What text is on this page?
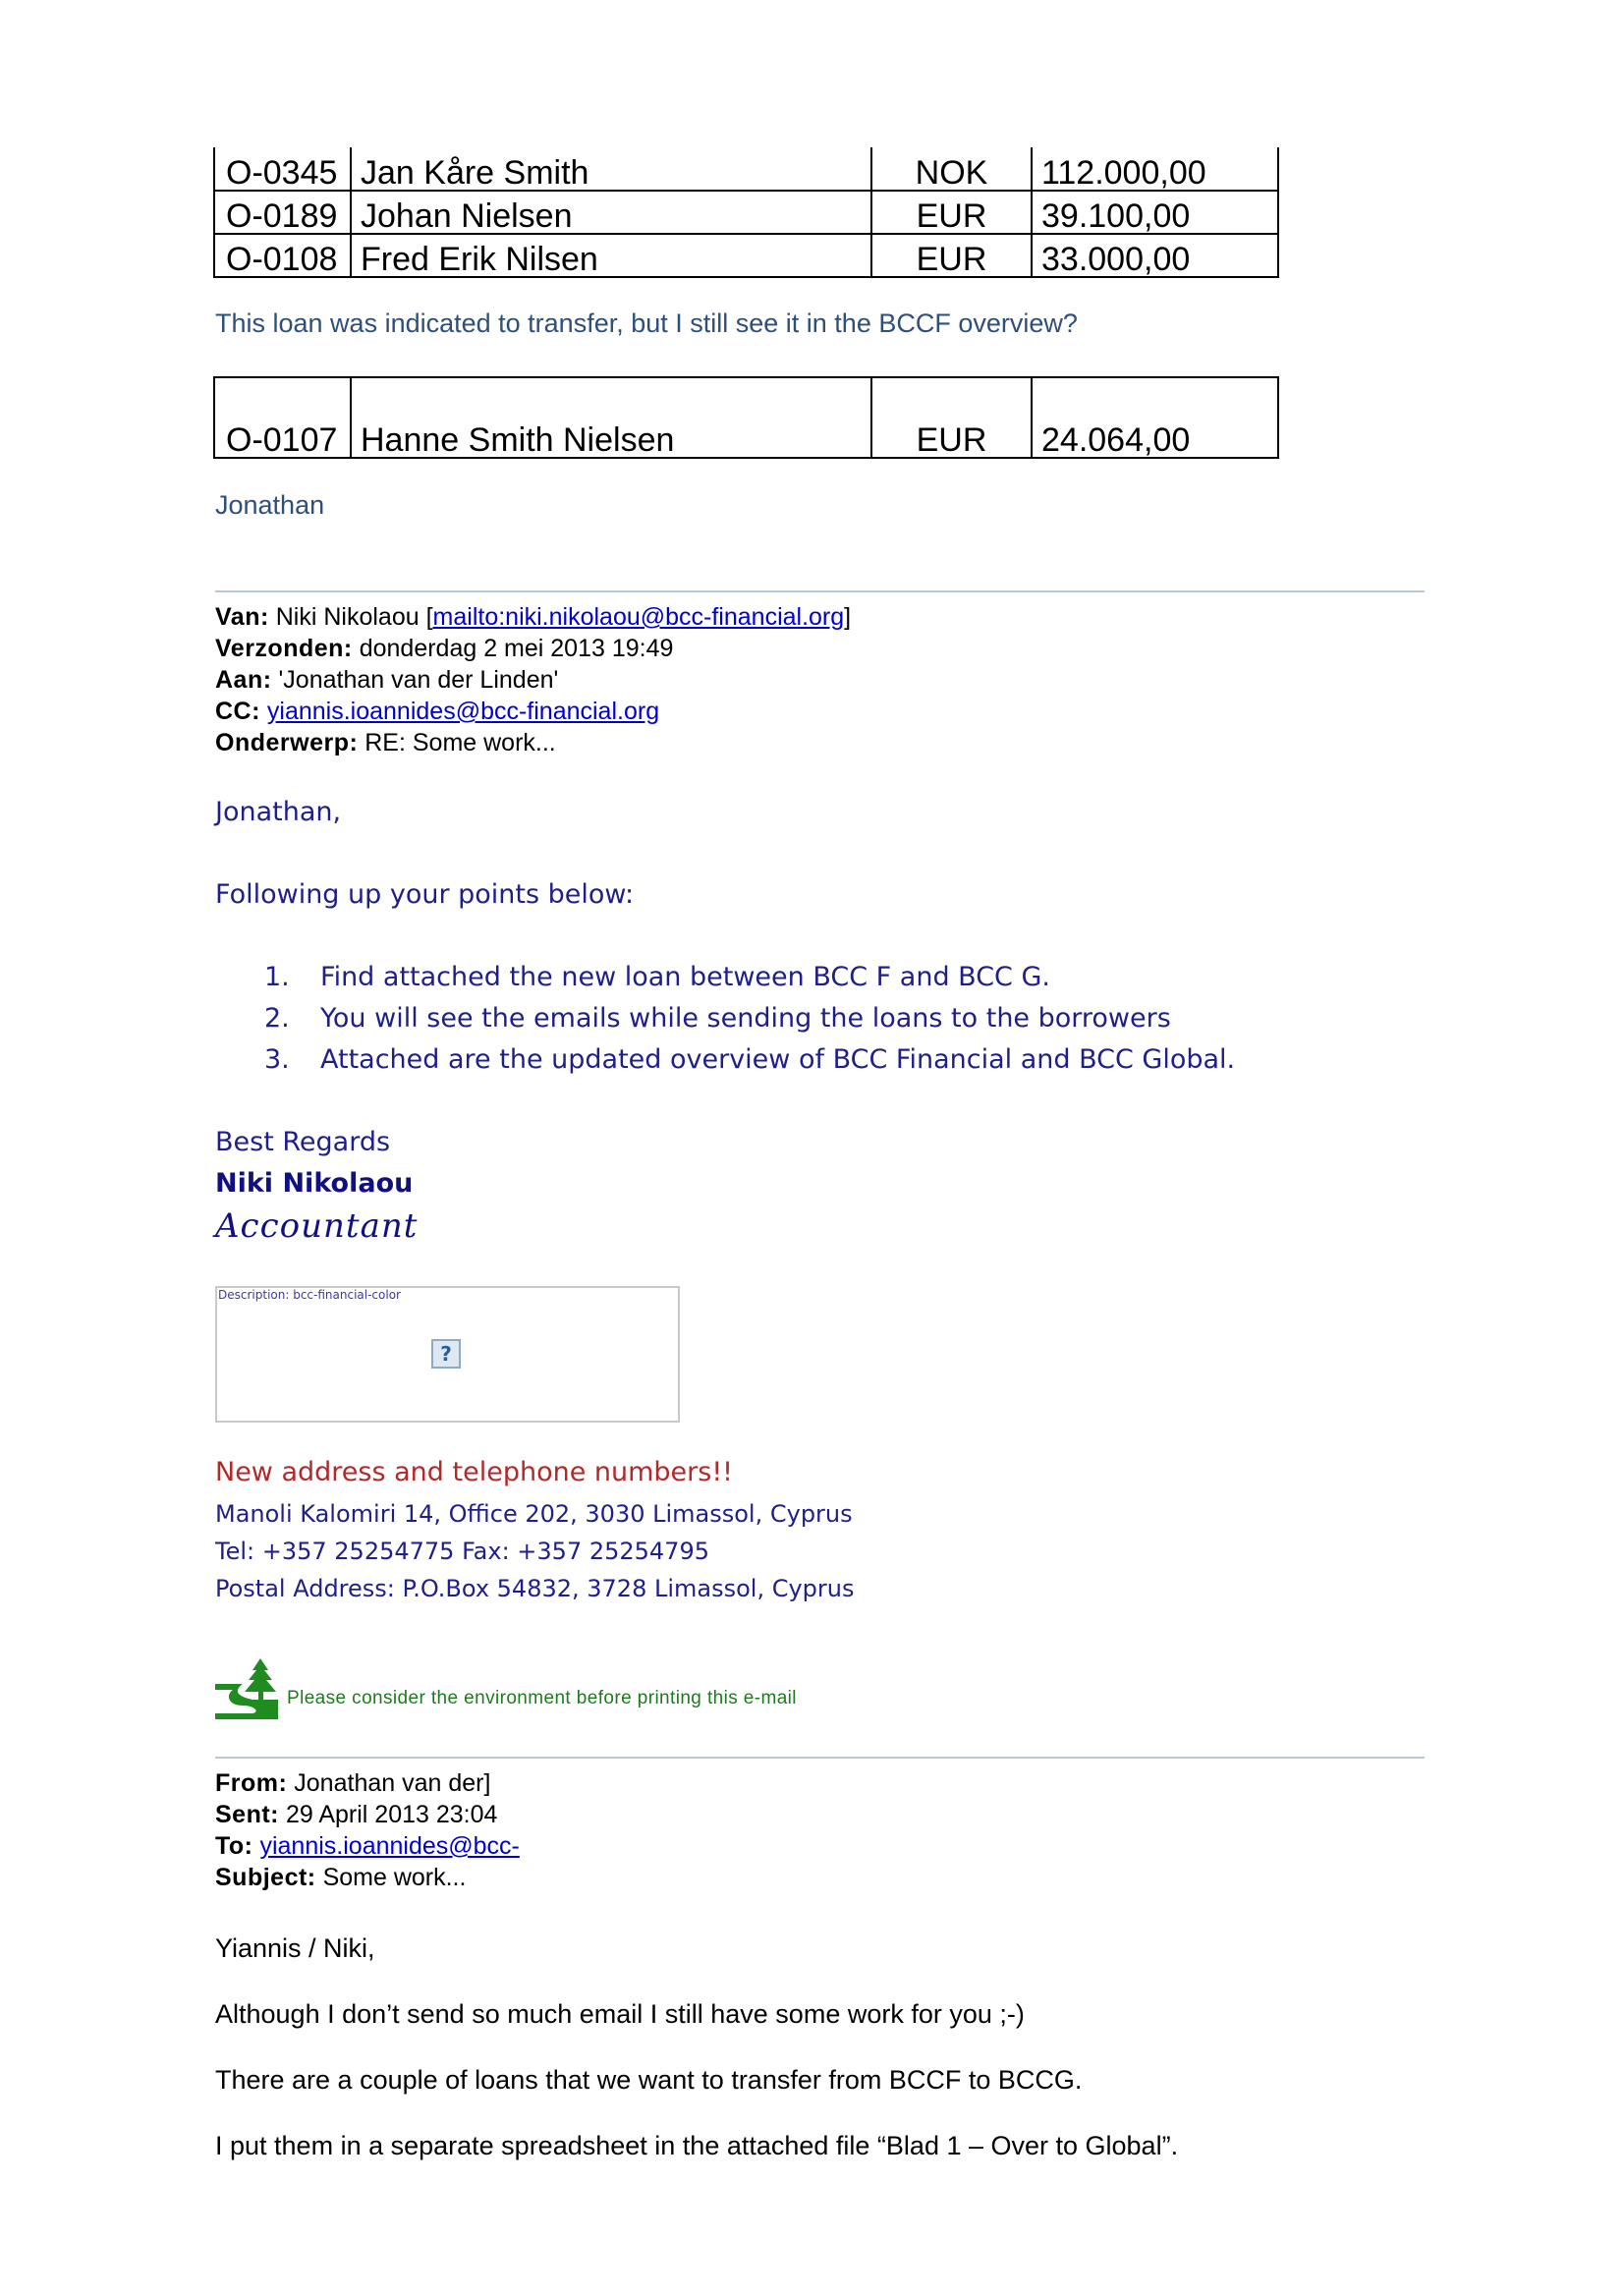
O-0345	Jan Kåre Smith	NOK	112.000,00
O-0189	Johan Nielsen	EUR	39.100,00
O-0108	Fred Erik Nilsen	EUR	33.000,00
This loan was indicated to transfer, but I still see it in the BCCF overview?
O-0107	Hanne Smith Nielsen	EUR	24.064,00
Jonathan
Van: Niki Nikolaou [mailto:niki.nikolaou@bcc-financial.org]
Verzonden: donderdag 2 mei 2013 19:49
Aan: 'Jonathan van der Linden'
CC: yiannis.ioannides@bcc-financial.org
Onderwerp: RE: Some work...
Jonathan,
Following up your points below:
1. Find attached the new loan between BCC F and BCC G.
2. You will see the emails while sending the loans to the borrowers
3. Attached are the updated overview of BCC Financial and BCC Global.
Best Regards
Niki Nikolaou
Accountant
Description: bcc-financial-color
?
New address and telephone numbers!!
Manoli Kalomiri 14, Office 202, 3030 Limassol, Cyprus
Tel: +357 25254775 Fax: +357 25254795
Postal Address: P.O.Box 54832, 3728 Limassol, Cyprus
Please consider the environment before printing this e-mail
From: Jonathan van der]
Sent: 29 April 2013 23:04
To: yiannis.ioannides@bcc-
Subject: Some work...
Yiannis / Niki,
Although I don’t send so much email I still have some work for you ;-)
There are a couple of loans that we want to transfer from BCCF to BCCG.
I put them in a separate spreadsheet in the attached file “Blad 1 – Over to Global”.
